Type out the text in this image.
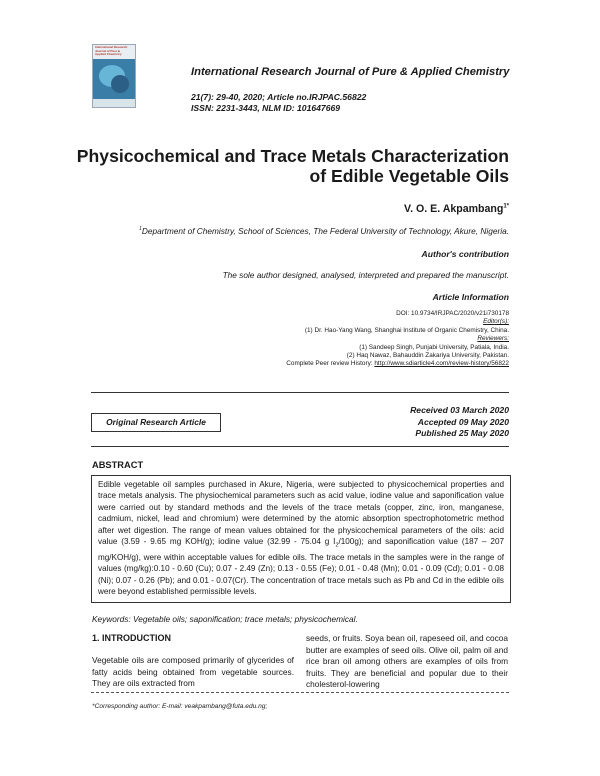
International Research
Journal of Pure &
Applied Chemistry
International Research Journal of Pure & Applied Chemistry
21(7): 29-40, 2020; Article no.IRJPAC.56822
ISSN: 2231-3443, NLM ID: 101647669
Physicochemical and Trace Metals Characterization
of Edible Vegetable Oils
V. O. E. Akpambang$^{1*}$
$^1$Department of Chemistry, School of Sciences, The Federal University of Technology, Akure, Nigeria.
Author's contribution
The sole author designed, analysed, interpreted and prepared the manuscript.
Article Information
DOI: 10.9734/IRJPAC/2020/v21i730178
Editor(s):
(1) Dr. Hao-Yang Wang, Shanghai Institute of Organic Chemistry, China.
Reviewers:
(1) Sandeep Singh, Punjabi University, Patiala, India.
(2) Haq Nawaz, Bahauddin Zakariya University, Pakistan.
Complete Peer review History: http://www.sdiarticle4.com/review-history/56822
Original Research Article
Received 03 March 2020
Accepted 09 May 2020
Published 25 May 2020
ABSTRACT
Edible vegetable oil samples purchased in Akure, Nigeria, were subjected to physicochemical properties and trace metals analysis. The physiochemical parameters such as acid value, iodine value and saponification value were carried out by standard methods and the levels of the trace metals (copper, zinc, iron, manganese, cadmium, nickel, lead and chromium) were determined by the atomic absorption spectrophotometric method after wet digestion. The range of mean values obtained for the physicochemical parameters of the oils: acid value (3.59 - 9.65 mg KOH/g); iodine value (32.99 - 75.04 g $I_2/100g$); and saponification value (187 – 207 mg/KOH/g), were within acceptable values for edible oils. The trace metals in the samples were in the range of values (mg/kg):0.10 - 0.60 (Cu); 0.07 - 2.49 (Zn); 0.13 - 0.55 (Fe); 0.01 - 0.48 (Mn); 0.01 - 0.09 (Cd); 0.01 - 0.08 (Ni); 0.07 - 0.26 (Pb); and 0.01 - 0.07(Cr). The concentration of trace metals such as Pb and Cd in the edible oils were beyond established permissible levels.
Keywords: Vegetable oils; saponification; trace metals; physicochemical.
1. INTRODUCTION
Vegetable oils are composed primarily of glycerides of fatty acids being obtained from vegetable sources. They are oils extracted from
seeds, or fruits. Soya bean oil, rapeseed oil, and cocoa butter are examples of seed oils. Olive oil, palm oil and rice bran oil among others are examples of oils from fruits. They are beneficial and popular due to their cholesterol-lowering
*Corresponding author: E-mail: veakpambang@futa.edu.ng;
